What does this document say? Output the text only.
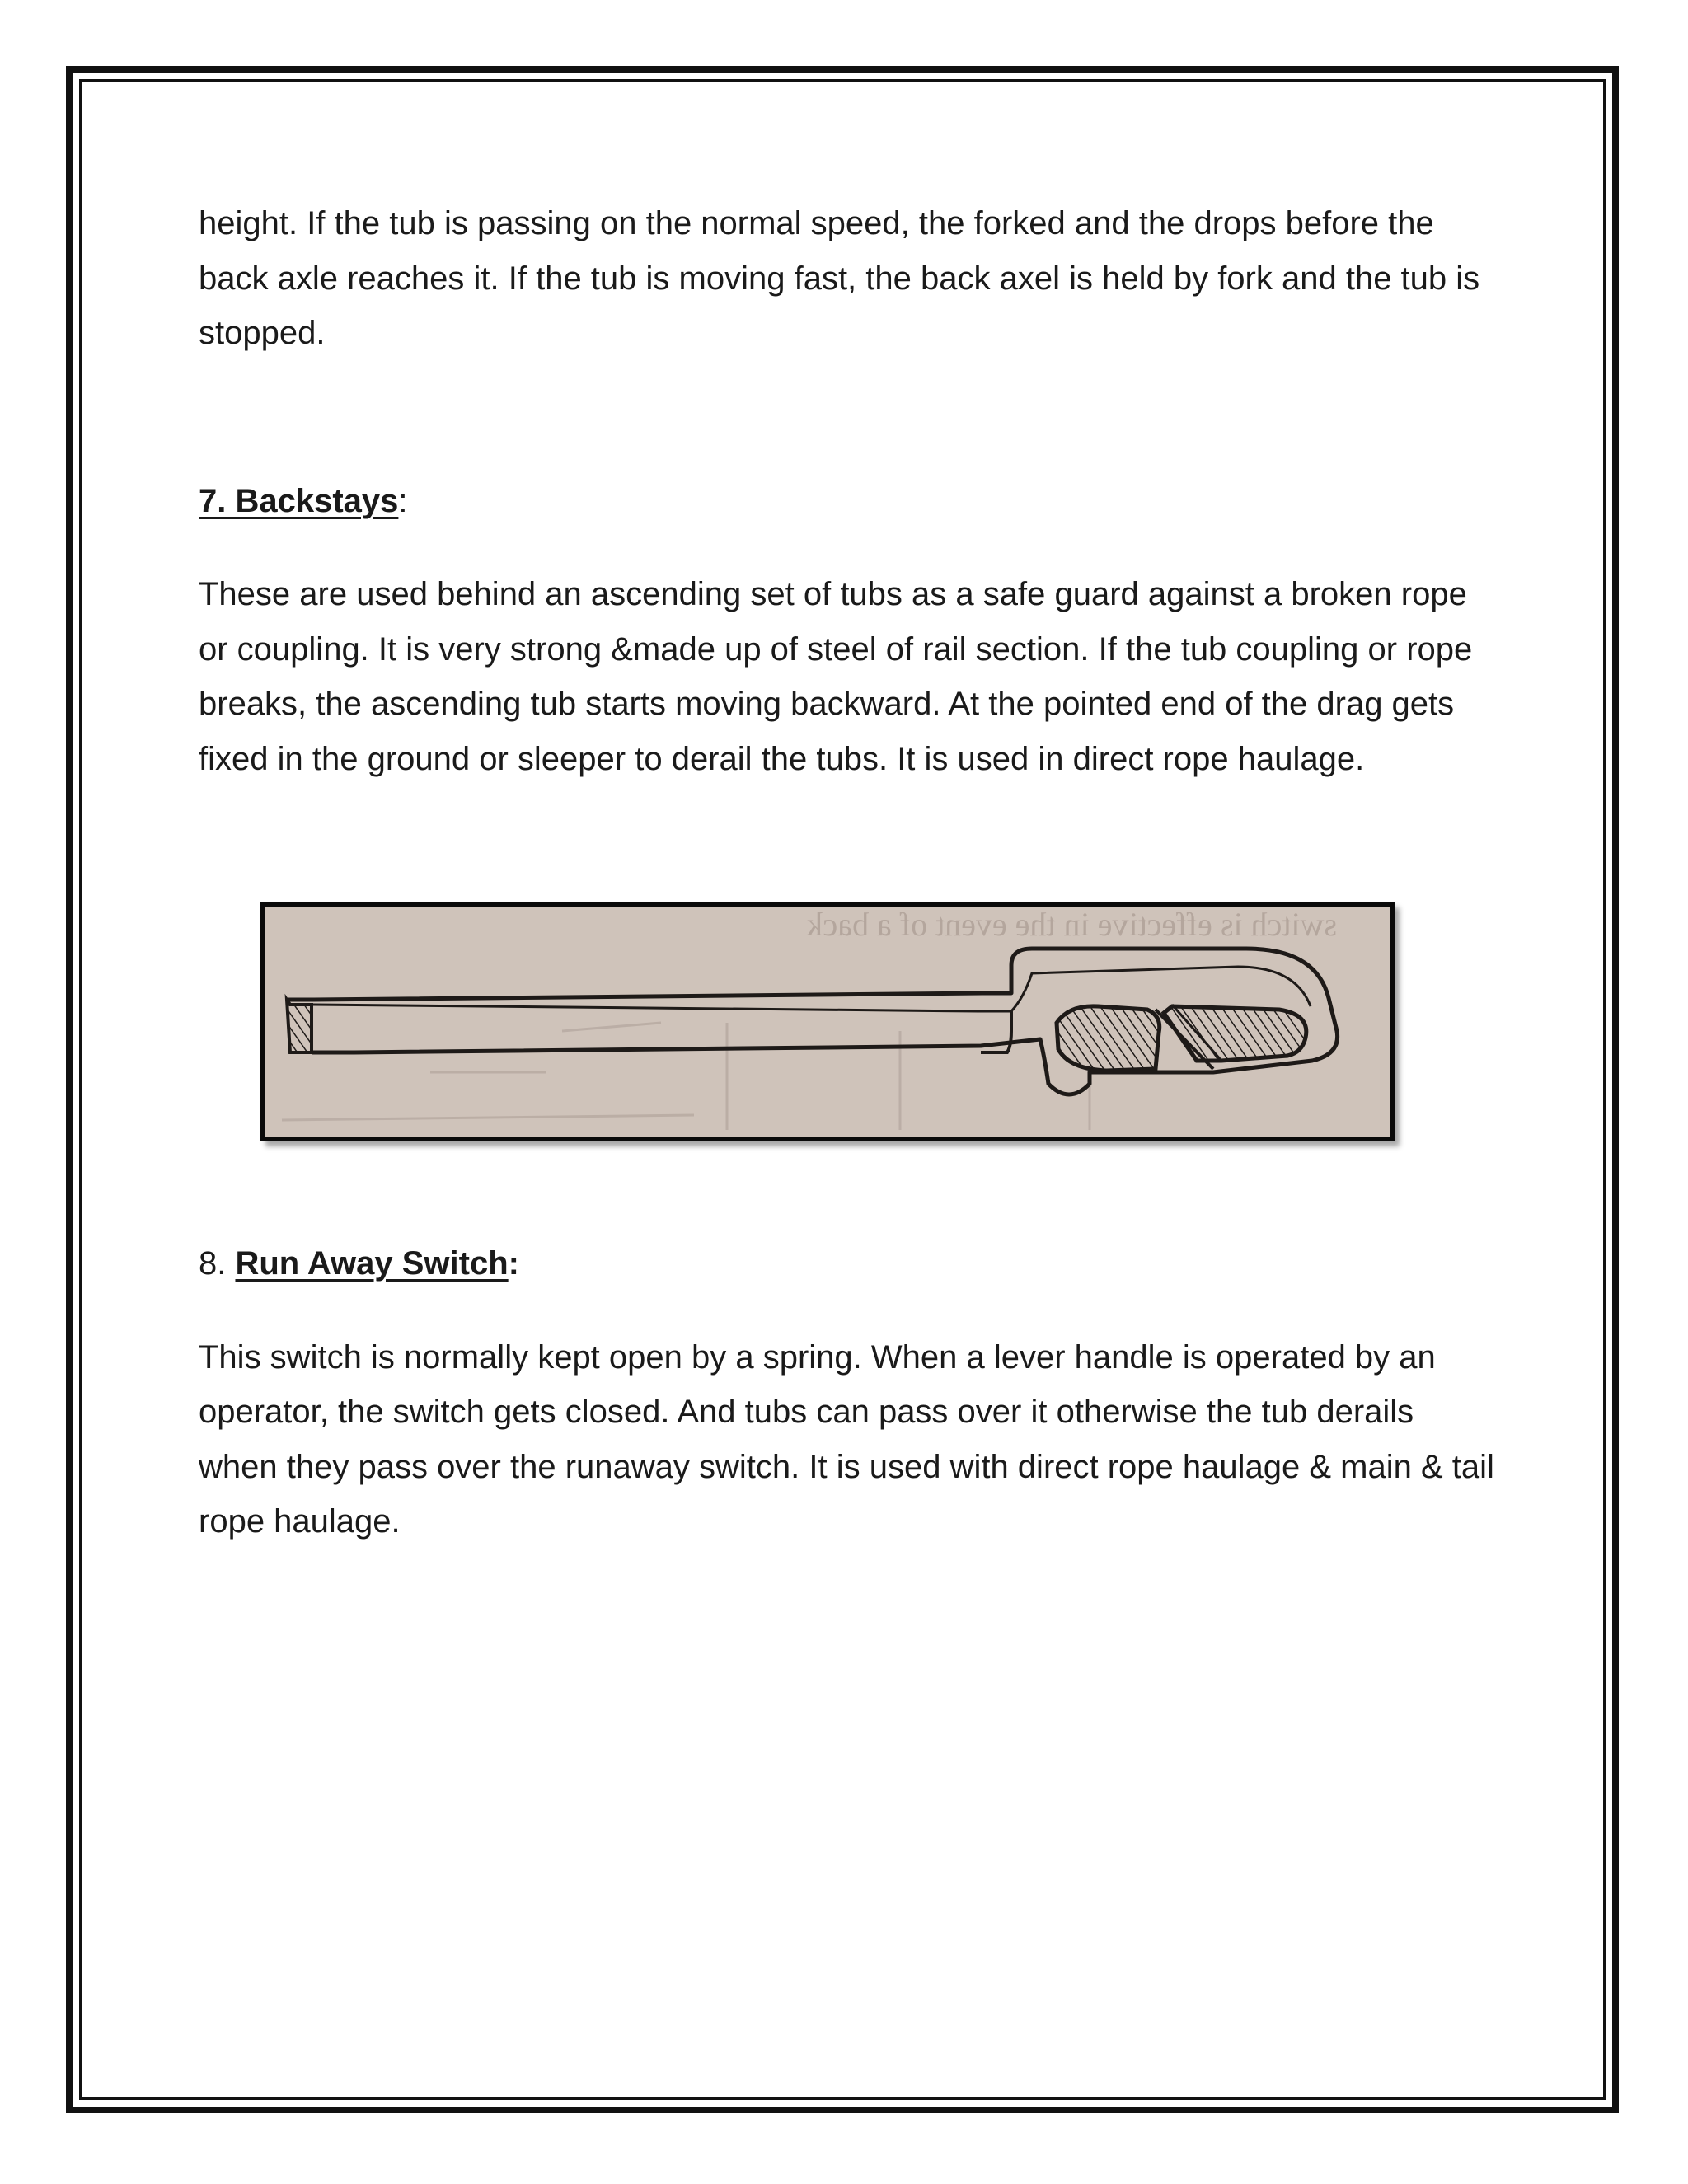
height. If the tub is passing on the normal speed, the forked and the drops before the back axle reaches it. If the tub is moving fast, the back axel is held by fork and the tub is stopped.

7. Backstays:

These are used behind an ascending set of tubs as a safe guard against a broken rope or coupling. It is very strong &made up of steel of rail section. If the tub coupling or rope breaks, the ascending tub starts moving backward. At the pointed end of the drag gets fixed in the ground or sleeper to derail the tubs. It is used in direct rope haulage.

switch is effective in the event of a back

8. Run Away Switch:

This switch is normally kept open by a spring. When a lever handle is operated by an operator, the switch gets closed. And tubs can pass over it otherwise the tub derails when they pass over the runaway switch. It is used with direct rope haulage & main & tail rope haulage.
